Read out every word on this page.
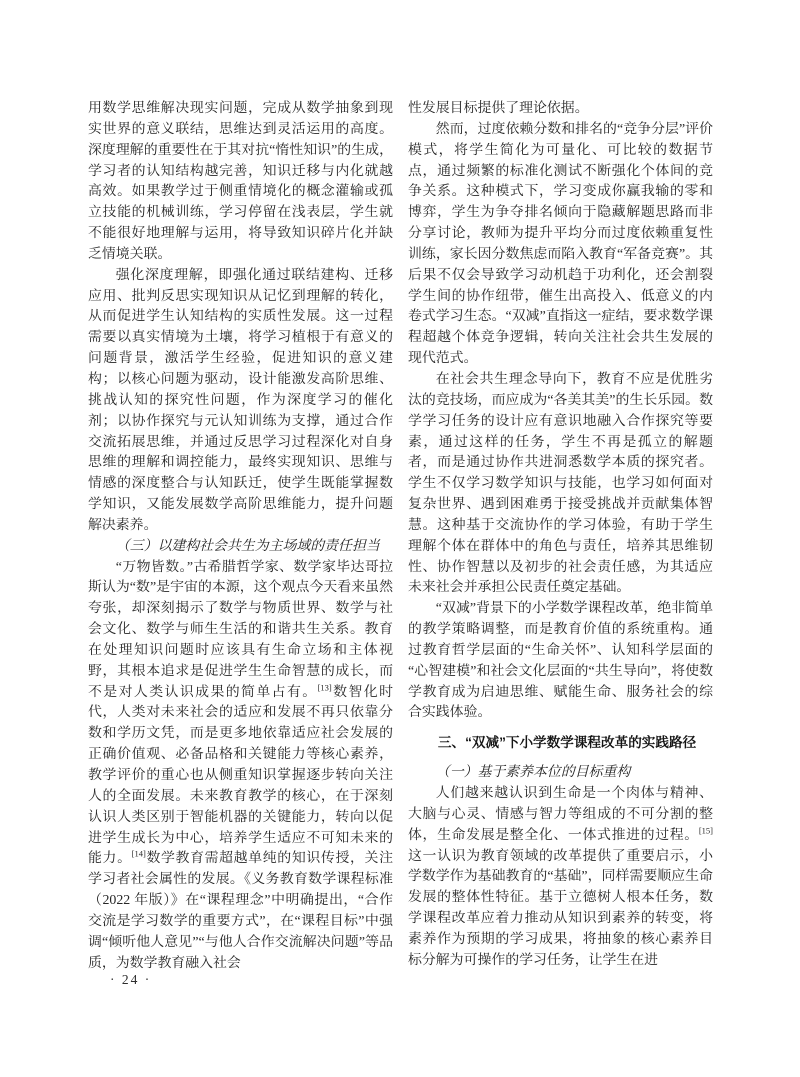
用数学思维解决现实问题，完成从数学抽象到现实世界的意义联结，思维达到灵活运用的高度。深度理解的重要性在于其对抗“惰性知识”的生成，学习者的认知结构越完善，知识迁移与内化就越高效。如果教学过于侧重情境化的概念灌输或孤立技能的机械训练，学习停留在浅表层，学生就不能很好地理解与运用，将导致知识碎片化并缺乏情境关联。

强化深度理解，即强化通过联结建构、迁移应用、批判反思实现知识从记忆到理解的转化，从而促进学生认知结构的实质性发展。这一过程需要以真实情境为土壤，将学习植根于有意义的问题背景，激活学生经验，促进知识的意义建构；以核心问题为驱动，设计能激发高阶思维、挑战认知的探究性问题，作为深度学习的催化剂；以协作探究与元认知训练为支撑，通过合作交流拓展思维，并通过反思学习过程深化对自身思维的理解和调控能力，最终实现知识、思维与情感的深度整合与认知跃迁，使学生既能掌握数学知识，又能发展数学高阶思维能力，提升问题解决素养。

（三）以建构社会共生为主场域的责任担当

“万物皆数。”古希腊哲学家、数学家毕达哥拉斯认为“数”是宇宙的本源，这个观点今天看来虽然夸张，却深刻揭示了数学与物质世界、数学与社会文化、数学与师生生活的和谐共生关系。教育在处理知识问题时应该具有生命立场和主体视野，其根本追求是促进学生生命智慧的成长，而不是对人类认识成果的简单占有。[13]数智化时代，人类对未来社会的适应和发展不再只依靠分数和学历文凭，而是更多地依靠适应社会发展的正确价值观、必备品格和关键能力等核心素养，教学评价的重心也从侧重知识掌握逐步转向关注人的全面发展。未来教育教学的核心，在于深刻认识人类区别于智能机器的关键能力，转向以促进学生成长为中心，培养学生适应不可知未来的能力。[14]数学教育需超越单纯的知识传授，关注学习者社会属性的发展。《义务教育数学课程标准（2022 年版）》在“课程理念”中明确提出，“合作交流是学习数学的重要方式”，在“课程目标”中强调“倾听他人意见”“与他人合作交流解决问题”等品质，为数学教育融入社会

性发展目标提供了理论依据。

然而，过度依赖分数和排名的“竞争分层”评价模式，将学生简化为可量化、可比较的数据节点，通过频繁的标准化测试不断强化个体间的竞争关系。这种模式下，学习变成你赢我输的零和博弈，学生为争夺排名倾向于隐藏解题思路而非分享讨论，教师为提升平均分而过度依赖重复性训练，家长因分数焦虑而陷入教育“军备竞赛”。其后果不仅会导致学习动机趋于功利化，还会割裂学生间的协作纽带，催生出高投入、低意义的内卷式学习生态。“双减”直指这一症结，要求数学课程超越个体竞争逻辑，转向关注社会共生发展的现代范式。

在社会共生理念导向下，教育不应是优胜劣汰的竞技场，而应成为“各美其美”的生长乐园。数学学习任务的设计应有意识地融入合作探究等要素，通过这样的任务，学生不再是孤立的解题者，而是通过协作共进洞悉数学本质的探究者。学生不仅学习数学知识与技能，也学习如何面对复杂世界、遇到困难勇于接受挑战并贡献集体智慧。这种基于交流协作的学习体验，有助于学生理解个体在群体中的角色与责任，培养其思维韧性、协作智慧以及初步的社会责任感，为其适应未来社会并承担公民责任奠定基础。

“双减”背景下的小学数学课程改革，绝非简单的教学策略调整，而是教育价值的系统重构。通过教育哲学层面的“生命关怀”、认知科学层面的“心智建模”和社会文化层面的“共生导向”，将使数学教育成为启迪思维、赋能生命、服务社会的综合实践体验。

三、“双减”下小学数学课程改革的实践路径

（一）基于素养本位的目标重构

人们越来越认识到生命是一个肉体与精神、大脑与心灵、情感与智力等组成的不可分割的整体，生命发展是整全化、一体式推进的过程。[15]这一认识为教育领域的改革提供了重要启示，小学数学作为基础教育的“基础”，同样需要顺应生命发展的整体性特征。基于立德树人根本任务，数学课程改革应着力推动从知识到素养的转变，将素养作为预期的学习成果，将抽象的核心素养目标分解为可操作的学习任务，让学生在进

· 24 ·
